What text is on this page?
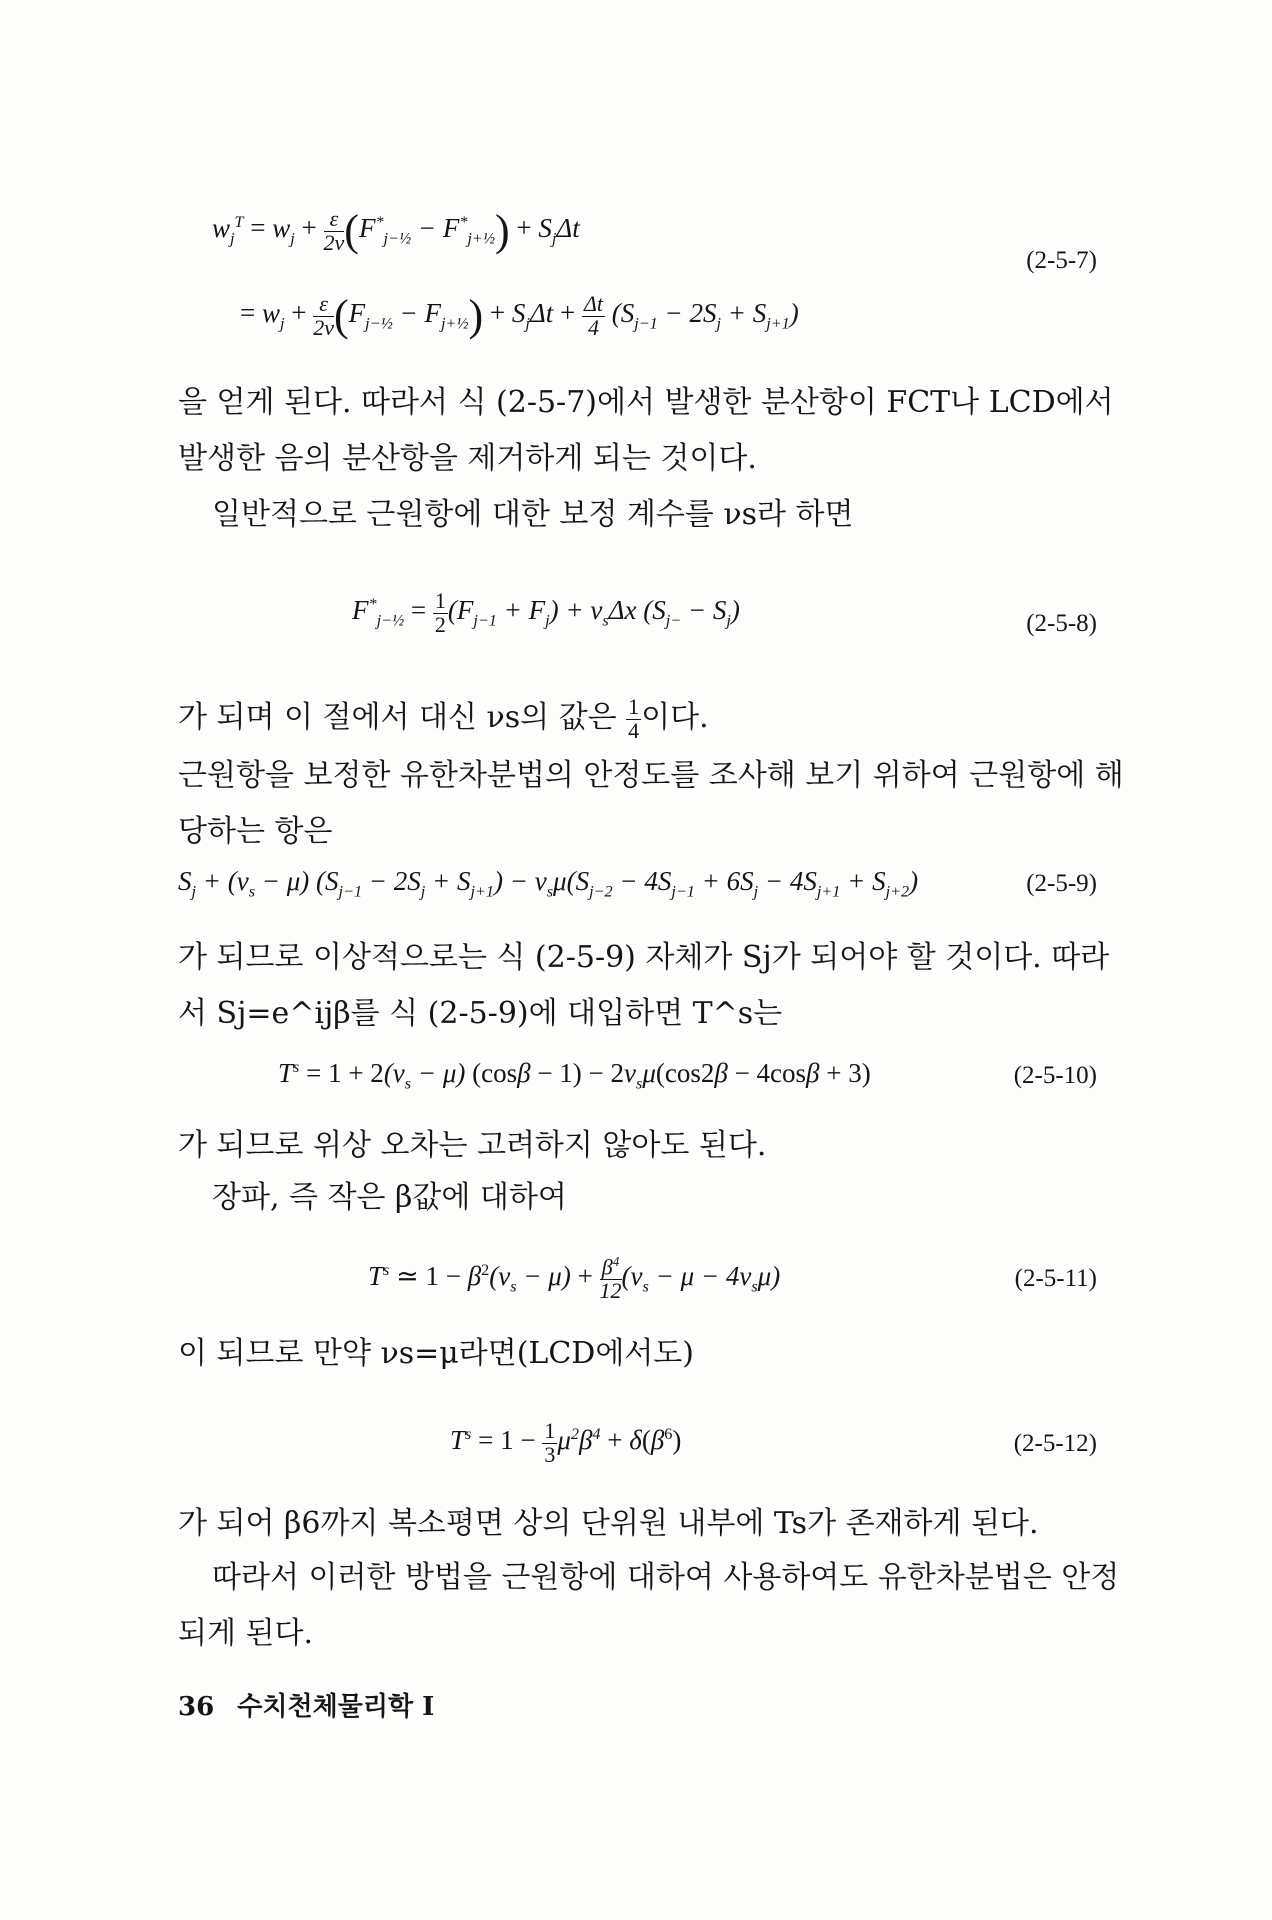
$w_j^T = w_j + \frac{\varepsilon}{2v} (F^*_{j-\frac{1}{2}} - F^*_{j+\frac{1}{2}}) + S_j\Delta t$
(2-5-7)
= $w_j + \frac{\varepsilon}{2v} (F_{j-\frac{1}{2}} - F_{j+\frac{1}{2}}) + S_j\Delta t + \frac{\Delta t}{4} (S_{j-1} - 2S_j + S_{j+1})$
을 얻게 된다. 따라서 식 (2-5-7)에서 발생한 분산항이 FCT나 LCD에서 발생한 음의 분산항을 제거하게 되는 것이다.
일반적으로 근원항에 대한 보정 계수를 νs라 하면
$F^*_{j-\frac{1}{2}} = \frac{1}{2} (F_{j-1} + F_j) + \nu_s\Delta x$ $(S_{j-} - S_j)$	(2-5-8)
가 되며 이 절에서 대신 νs의 값은 $\frac{1}{4}$ 이다.
근원항을 보정한 유한차분법의 안정도를 조사해 보기 위하여 근원항에 해당하는 항은
$S_j + (\nu_s - \mu) (S_{j-1} - 2S_j + S_{j+1}) - \nu_s\mu(S_{j-2} - 4S_{j-1} + 6S_j - 4S_{j+1} + S_{j+2})$	(2-5-9)
가 되므로 이상적으로는 식 (2-5-9) 자체가 Sj가 되어야 할 것이다. 따라서 Sj=e^ijβ를 식 (2-5-9)에 대입하면 T^s는
$T^s = 1 + 2(\nu_s - \mu) (\cos\beta - 1) - 2\nu_s\mu(\cos 2\beta - 4\cos\beta + 3)$	(2-5-10)
가 되므로 위상 오차는 고려하지 않아도 된다.
장파, 즉 작은 β값에 대하여
$T^s$ ≃ $1 - \beta^2(\nu_s - \mu) + \frac{\beta^4}{12} (\nu_s - \mu - 4\nu_s\mu)$	(2-5-11)
이 되므로 만약 νs=μ라면(LCD에서도)
$T^s = 1 - \frac{1}{3} \mu^2\beta^4 + \delta(\beta^6)$	(2-5-12)
가 되어 β6까지 복소평면 상의 단위원 내부에 Ts가 존재하게 된다.
따라서 이러한 방법을 근원항에 대하여 사용하여도 유한차분법은 안정되게 된다.
36 수치천체물리학 I
